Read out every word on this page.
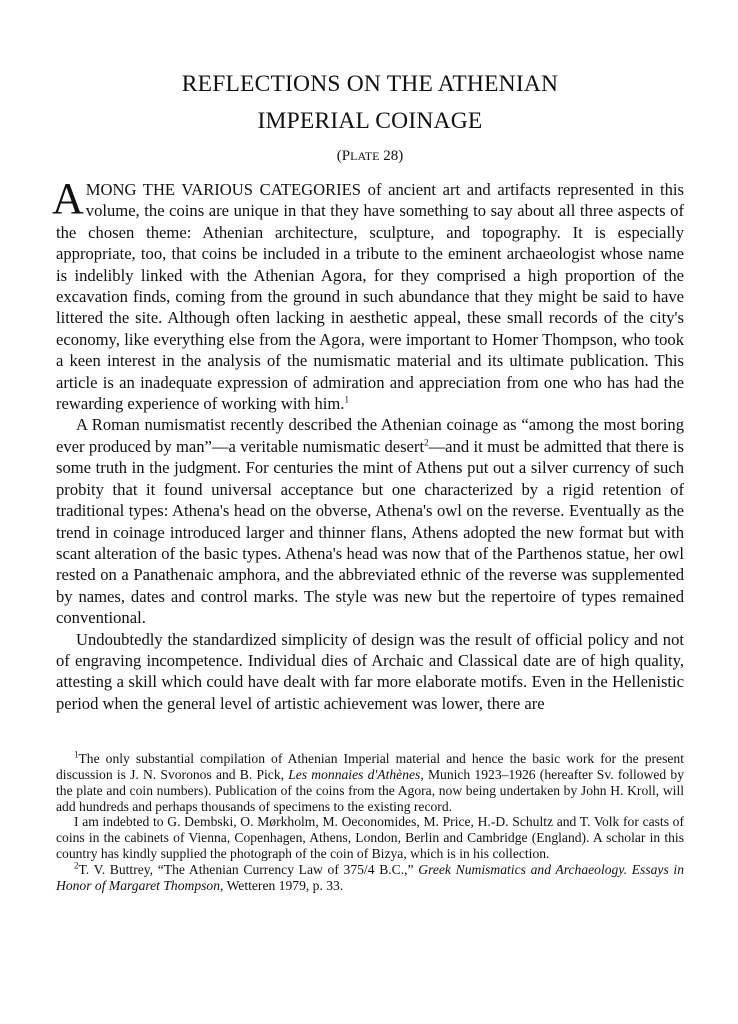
REFLECTIONS ON THE ATHENIAN
IMPERIAL COINAGE
(PLATE 28)

AMONG THE VARIOUS CATEGORIES of ancient art and artifacts represented in this volume, the coins are unique in that they have something to say about all three aspects of the chosen theme: Athenian architecture, sculpture, and topography. It is especially appropriate, too, that coins be included in a tribute to the eminent archaeologist whose name is indelibly linked with the Athenian Agora, for they comprised a high proportion of the excavation finds, coming from the ground in such abundance that they might be said to have littered the site. Although often lacking in aesthetic appeal, these small records of the city's economy, like everything else from the Agora, were important to Homer Thompson, who took a keen interest in the analysis of the numismatic material and its ultimate publication. This article is an inadequate expression of admiration and appreciation from one who has had the rewarding experience of working with him.$^1$

A Roman numismatist recently described the Athenian coinage as “among the most boring ever produced by man”—a veritable numismatic desert$^2$—and it must be admitted that there is some truth in the judgment. For centuries the mint of Athens put out a silver currency of such probity that it found universal acceptance but one characterized by a rigid retention of traditional types: Athena's head on the obverse, Athena's owl on the reverse. Eventually as the trend in coinage introduced larger and thinner flans, Athens adopted the new format but with scant alteration of the basic types. Athena's head was now that of the Parthenos statue, her owl rested on a Panathenaic amphora, and the abbreviated ethnic of the reverse was supplemented by names, dates and control marks. The style was new but the repertoire of types remained conventional.

Undoubtedly the standardized simplicity of design was the result of official policy and not of engraving incompetence. Individual dies of Archaic and Classical date are of high quality, attesting a skill which could have dealt with far more elaborate motifs. Even in the Hellenistic period when the general level of artistic achievement was lower, there are

$^1$The only substantial compilation of Athenian Imperial material and hence the basic work for the present discussion is J. N. Svoronos and B. Pick, Les monnaies d'Athènes, Munich 1923–1926 (hereafter Sv. followed by the plate and coin numbers). Publication of the coins from the Agora, now being undertaken by John H. Kroll, will add hundreds and perhaps thousands of specimens to the existing record.

I am indebted to G. Dembski, O. Mørkholm, M. Oeconomides, M. Price, H.-D. Schultz and T. Volk for casts of coins in the cabinets of Vienna, Copenhagen, Athens, London, Berlin and Cambridge (England). A scholar in this country has kindly supplied the photograph of the coin of Bizya, which is in his collection.

$^2$T. V. Buttrey, “The Athenian Currency Law of 375/4 B.C.,” Greek Numismatics and Archaeology. Essays in Honor of Margaret Thompson, Wetteren 1979, p. 33.
